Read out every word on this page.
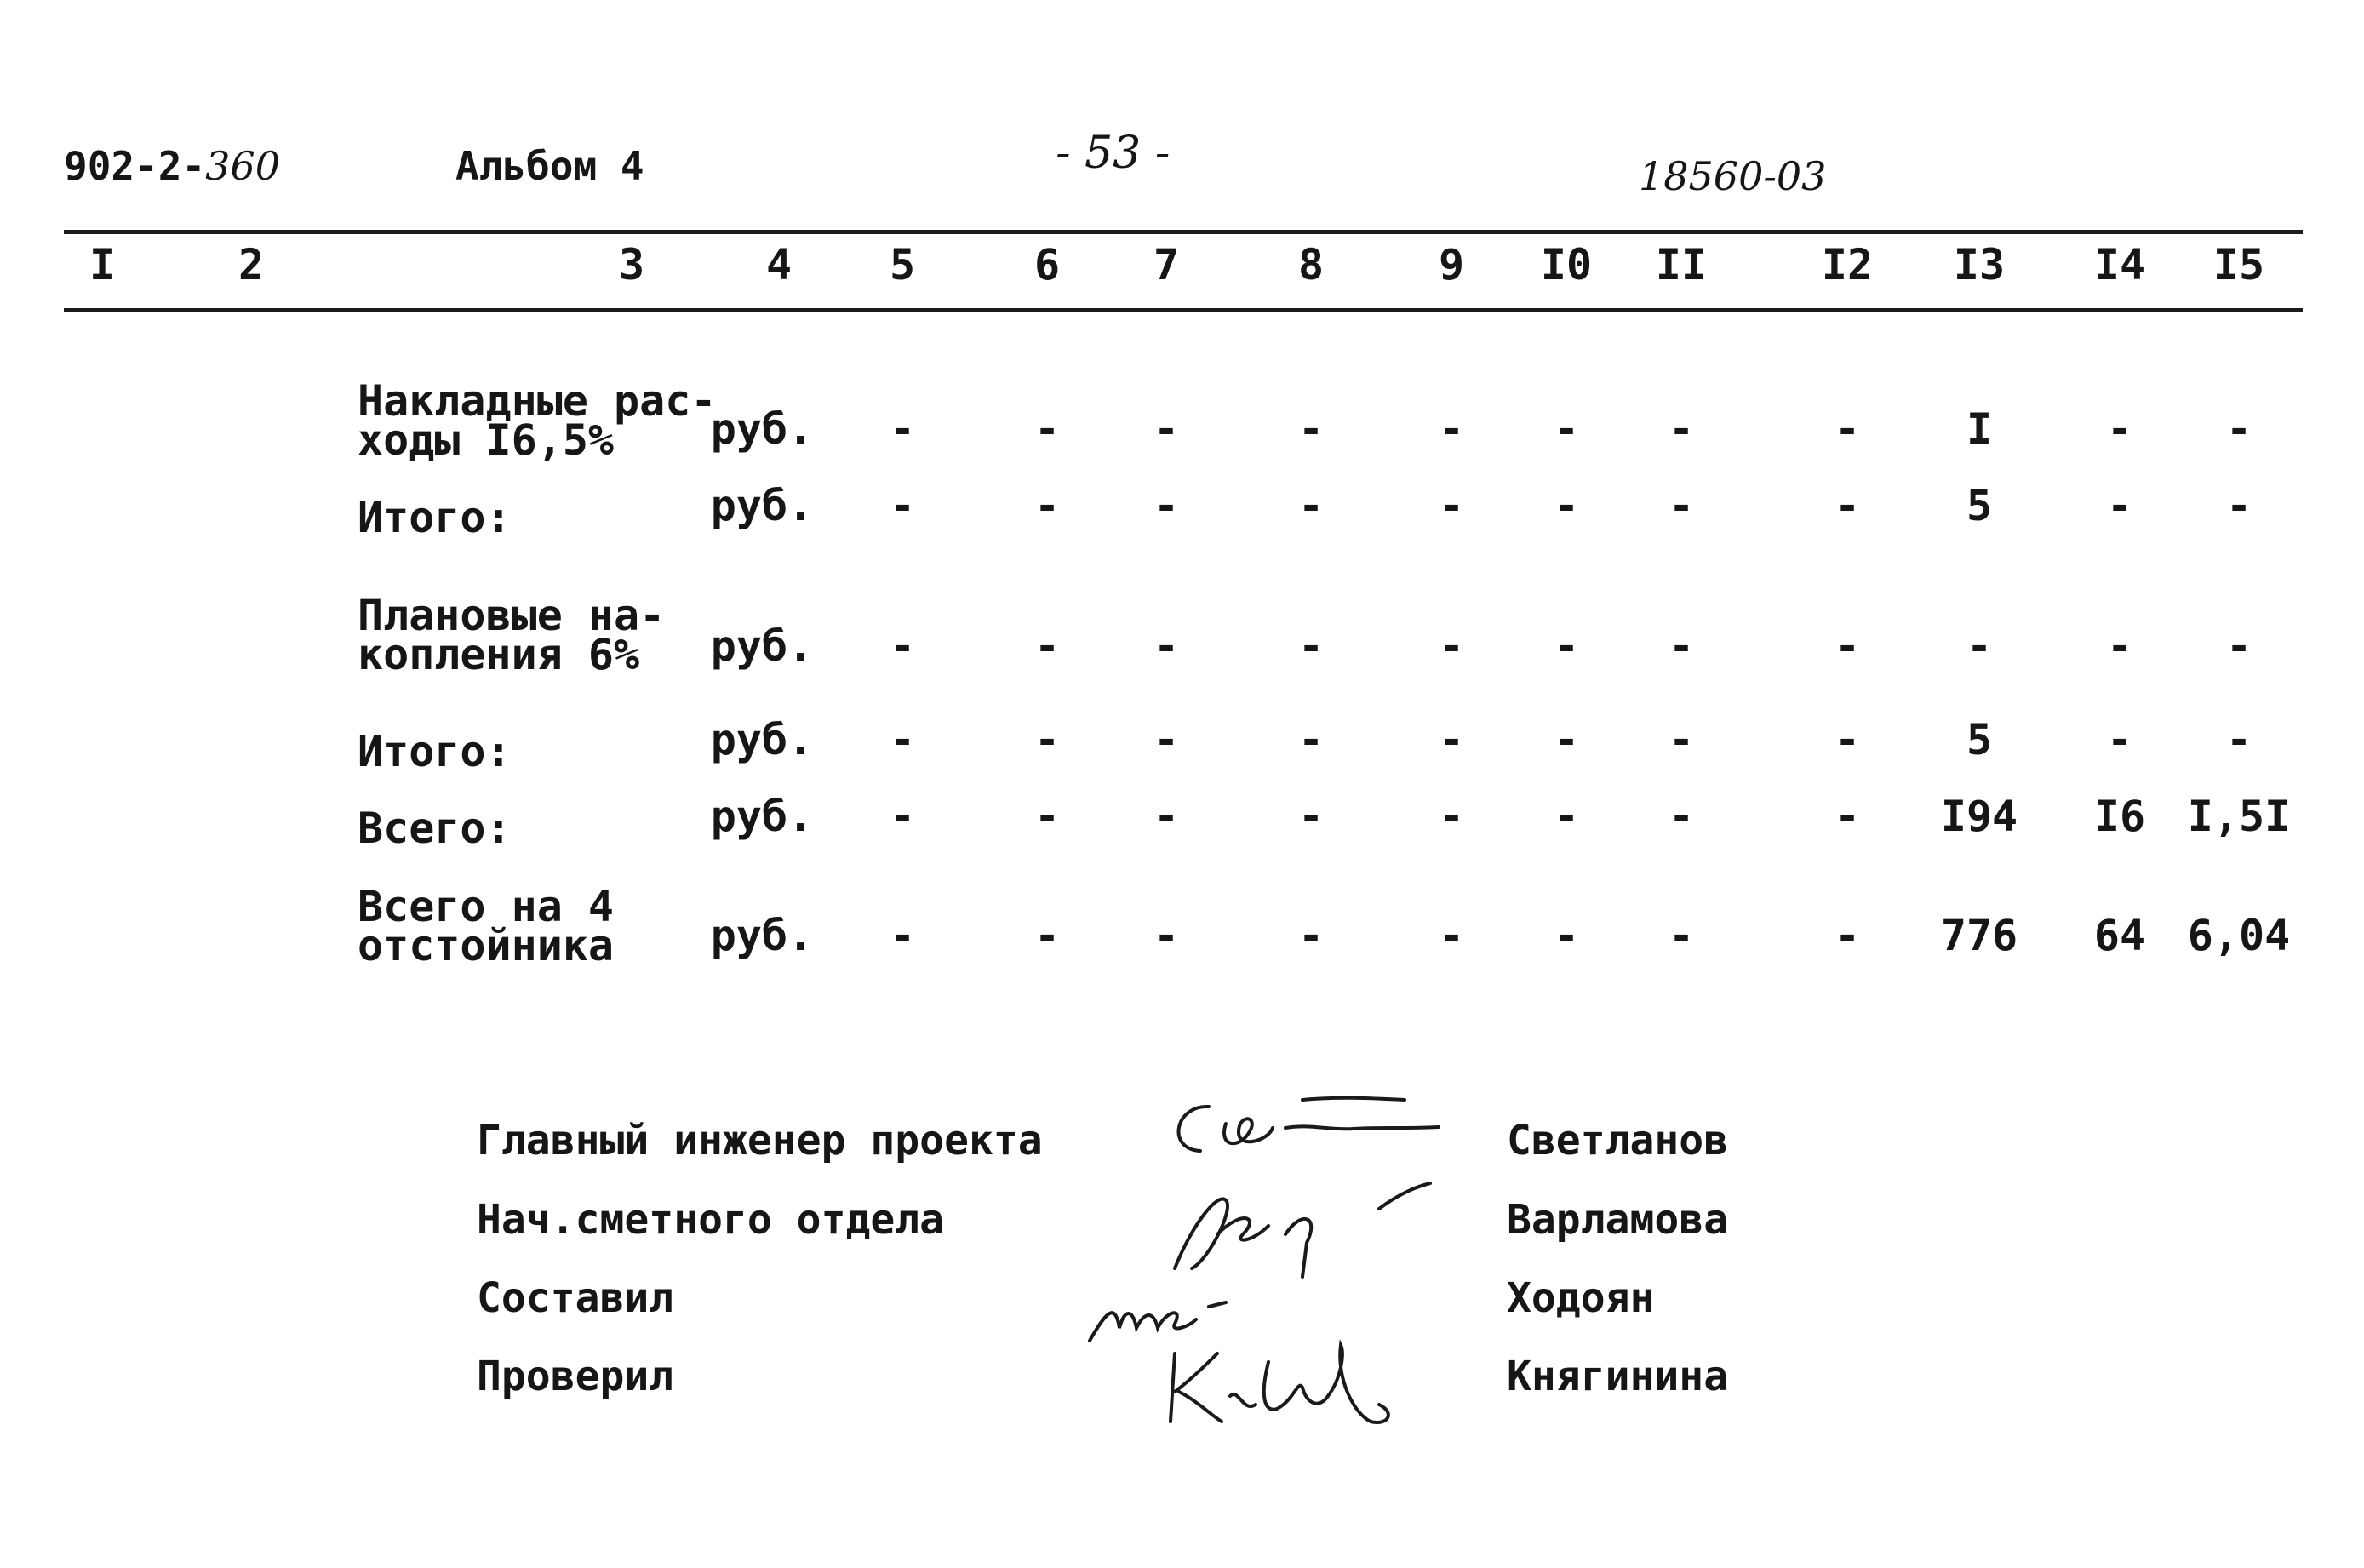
902-2-360	Альбом 4	- 53 -	18560-03
I	2	3	4 5	6 7	8	9 I0 II	I2 I3 I4 I5
Накладные рас-
ходы I6,5%	руб. -	- -	-	- - -	- I	- -
Итого:	руб. -	- -	-	- - -	- 5	- -
Плановые на-
копления 6%	руб. -	- -	-	- - -	- -	- -
Итого:	руб. -	- -	-	- - -	- 5	- -
Всего:	руб. -	- -	-	- - -	- I94 I6 I,5I
Всего на 4
отстойника руб. -	- -	-	- - -	- 776 64 6,04
Главный инженер проекта	Светланов
Нач.сметного отдела	Варламова
Составил	Ходоян
Проверил	Княгинина
